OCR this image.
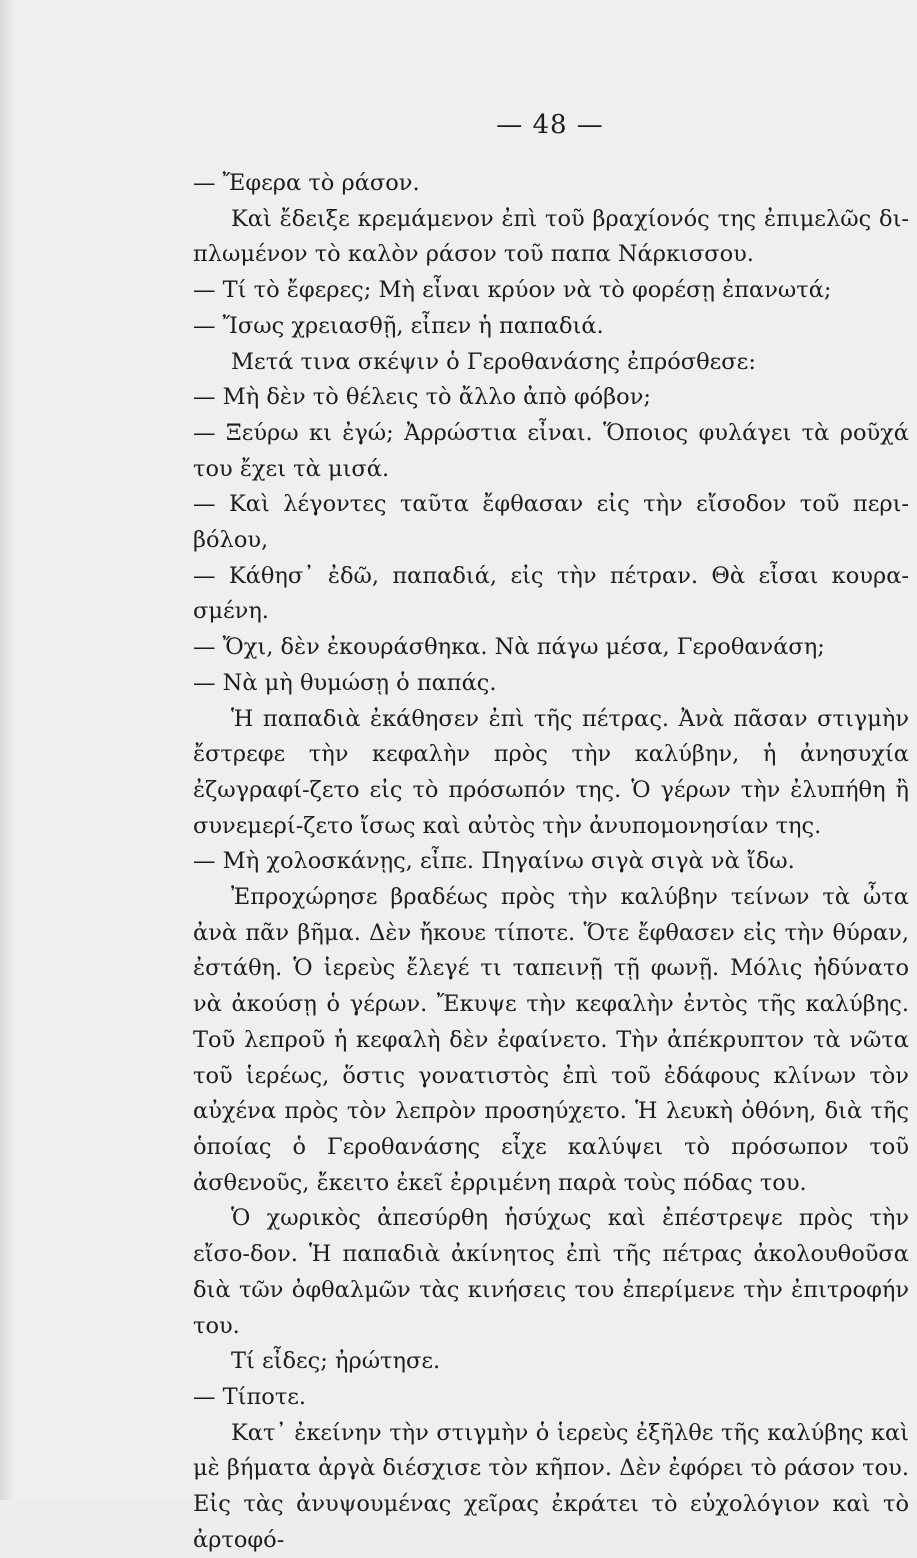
— 48 —

— Ἔφερα τὸ ράσον.

Καὶ ἔδειξε κρεμάμενον ἐπὶ τοῦ βραχίονός της ἐπιμελῶς δι-πλωμένον τὸ καλὸν ράσον τοῦ παπα Νάρκισσου.

— Τί τὸ ἔφερες; Μὴ εἶναι κρύον νὰ τὸ φορέσῃ ἐπανωτά;

— Ἴσως χρειασθῇ, εἶπεν ἡ παπαδιά.

Μετά τινα σκέψιν ὁ Γεροθανάσης ἐπρόσθεσε:

— Μὴ δὲν τὸ θέλεις τὸ ἄλλο ἀπὸ φόβον;

— Ξεύρω κι ἐγώ; Ἀρρώστια εἶναι. Ὅποιος φυλάγει τὰ ροῦχά του ἔχει τὰ μισά.

— Καὶ λέγοντες ταῦτα ἔφθασαν εἰς τὴν εἴσοδον τοῦ περι-βόλου,

— Κάθησ᾽ ἐδῶ, παπαδιά, εἰς τὴν πέτραν. Θὰ εἶσαι κουρα-σμένη.

— Ὄχι, δὲν ἐκουράσθηκα. Νὰ πάγω μέσα, Γεροθανάση;

— Νὰ μὴ θυμώσῃ ὁ παπάς.

Ἡ παπαδιὰ ἐκάθησεν ἐπὶ τῆς πέτρας. Ἀνὰ πᾶσαν στιγμὴν ἔστρεφε τὴν κεφαλὴν πρὸς τὴν καλύβην, ἡ ἀνησυχία ἐζωγραφί-ζετο εἰς τὸ πρόσωπόν της. Ὁ γέρων τὴν ἐλυπήθη ἢ συνεμερί-ζετο ἴσως καὶ αὐτὸς τὴν ἀνυπομονησίαν της.

— Μὴ χολοσκάνῃς, εἶπε. Πηγαίνω σιγὰ σιγὰ νὰ ἴδω.

Ἐπροχώρησε βραδέως πρὸς τὴν καλύβην τείνων τὰ ὦτα ἀνὰ πᾶν βῆμα. Δὲν ἤκουε τίποτε. Ὅτε ἔφθασεν εἰς τὴν θύραν, ἐστάθη. Ὁ ἱερεὺς ἔλεγέ τι ταπεινῇ τῇ φωνῇ. Μόλις ἠδύνατο νὰ ἀκούσῃ ὁ γέρων. Ἔκυψε τὴν κεφαλὴν ἐντὸς τῆς καλύβης. Τοῦ λεπροῦ ἡ κεφαλὴ δὲν ἐφαίνετο. Τὴν ἀπέκρυπτον τὰ νῶτα τοῦ ἱερέως, ὅστις γονατιστὸς ἐπὶ τοῦ ἐδάφους κλίνων τὸν αὐχένα πρὸς τὸν λεπρὸν προσηύχετο. Ἡ λευκὴ ὀθόνη, διὰ τῆς ὁποίας ὁ Γεροθανάσης εἶχε καλύψει τὸ πρόσωπον τοῦ ἀσθενοῦς, ἔκειτο ἐκεῖ ἐρριμένη παρὰ τοὺς πόδας του.

Ὁ χωρικὸς ἀπεσύρθη ἡσύχως καὶ ἐπέστρεψε πρὸς τὴν εἴσο-δον. Ἡ παπαδιὰ ἀκίνητος ἐπὶ τῆς πέτρας ἀκολουθοῦσα διὰ τῶν ὀφθαλμῶν τὰς κινήσεις του ἐπερίμενε τὴν ἐπιτροφήν του.

Τί εἶδες; ἠρώτησε.

— Τίποτε.

Κατ᾽ ἐκείνην τὴν στιγμὴν ὁ ἱερεὺς ἐξῆλθε τῆς καλύβης καὶ μὲ βήματα ἀργὰ διέσχισε τὸν κῆπον. Δὲν ἐφόρει τὸ ράσον του. Εἰς τὰς ἀνυψουμένας χεῖρας ἐκράτει τὸ εὐχολόγιον καὶ τὸ ἀρτοφό-
